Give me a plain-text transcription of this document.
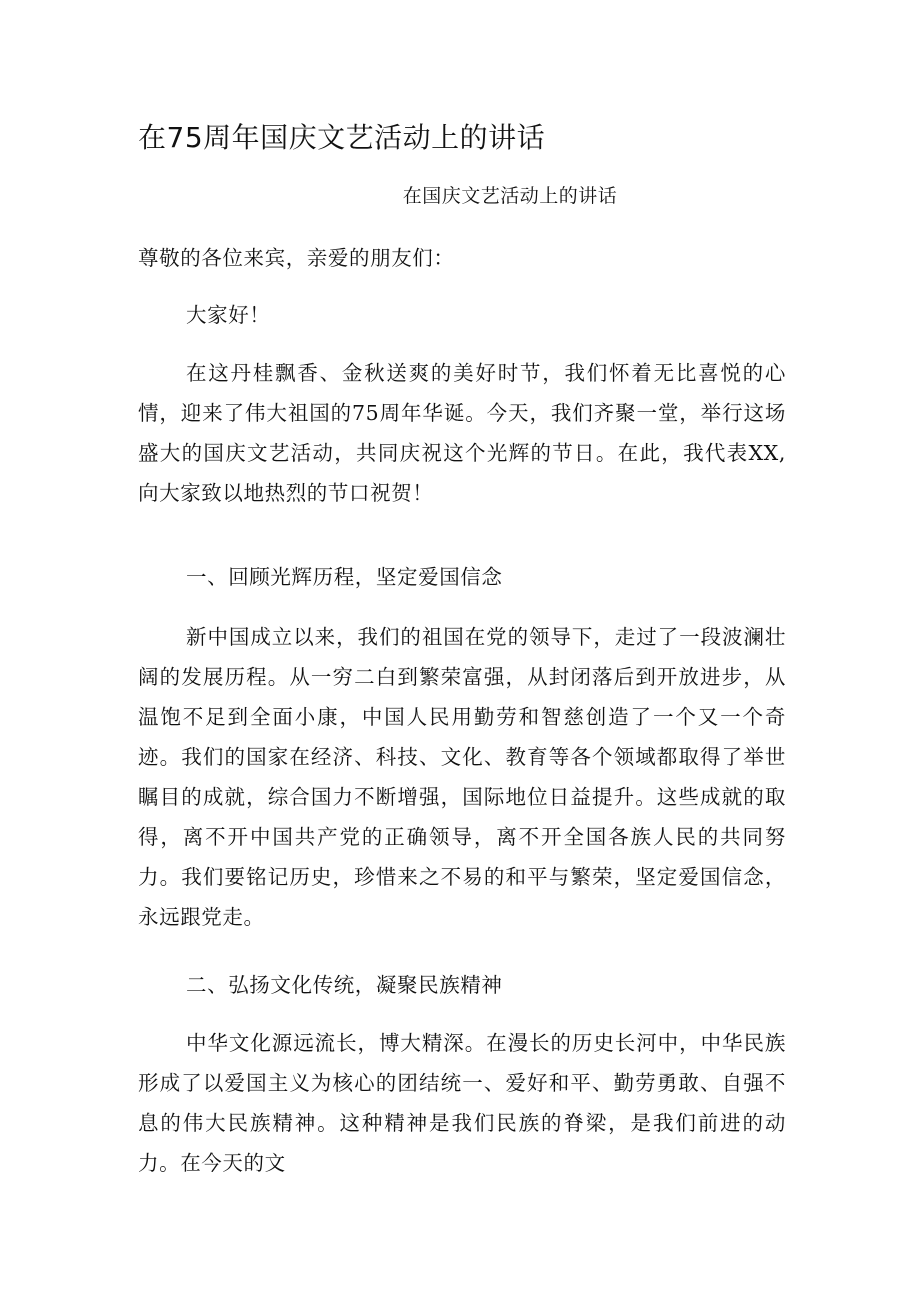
在75周年国庆文艺活动上的讲话
在国庆文艺活动上的讲话

尊敬的各位来宾，亲爱的朋友们：

大家好！

在这丹桂飘香、金秋送爽的美好时节，我们怀着无比喜悦的心情，迎来了伟大祖国的75周年华诞。今天，我们齐聚一堂，举行这场盛大的国庆文艺活动，共同庆祝这个光辉的节日。在此，我代表XX,向大家致以地热烈的节口祝贺！

一、回顾光辉历程，坚定爱国信念

新中国成立以来，我们的祖国在党的领导下，走过了一段波澜壮阔的发展历程。从一穷二白到繁荣富强，从封闭落后到开放进步，从温饱不足到全面小康，中国人民用勤劳和智慈创造了一个又一个奇迹。我们的国家在经济、科技、文化、教育等各个领域都取得了举世瞩目的成就，综合国力不断增强，国际地位日益提升。这些成就的取得，离不开中国共产党的正确领导，离不开全国各族人民的共同努力。我们要铭记历史，珍惜来之不易的和平与繁荣，坚定爱国信念，永远跟党走。

二、弘扬文化传统，凝聚民族精神

中华文化源远流长，博大精深。在漫长的历史长河中，中华民族形成了以爱国主义为核心的团结统一、爱好和平、勤劳勇敢、自强不息的伟大民族精神。这种精神是我们民族的脊梁，是我们前进的动力。在今天的文
